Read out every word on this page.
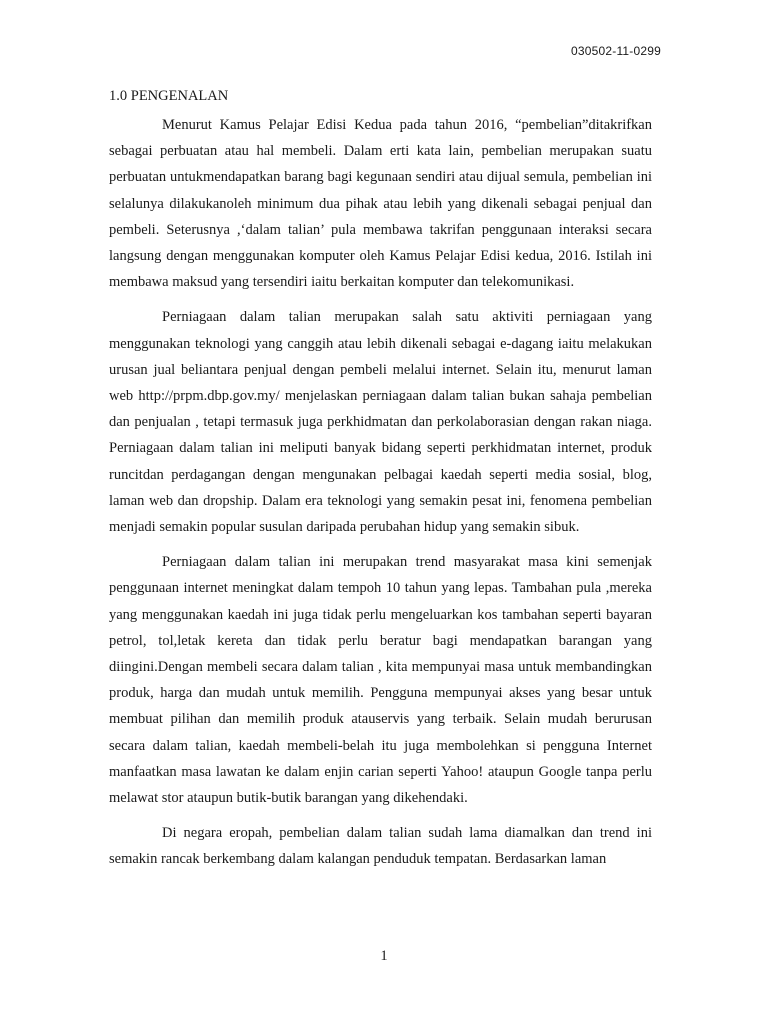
030502-11-0299
1.0 PENGENALAN

Menurut Kamus Pelajar Edisi Kedua pada tahun 2016, “pembelian”ditakrifkan sebagai perbuatan atau hal membeli. Dalam erti kata lain, pembelian merupakan suatu perbuatan untukmendapatkan barang bagi kegunaan sendiri atau dijual semula, pembelian ini selalunya dilakukanoleh minimum dua pihak atau lebih yang dikenali sebagai penjual dan pembeli. Seterusnya ,‘dalam talian’ pula membawa takrifan penggunaan interaksi secara langsung dengan menggunakan komputer oleh Kamus Pelajar Edisi kedua, 2016. Istilah ini membawa maksud yang tersendiri iaitu berkaitan komputer dan telekomunikasi.

Perniagaan dalam talian merupakan salah satu aktiviti perniagaan yang menggunakan teknologi yang canggih atau lebih dikenali sebagai e-dagang iaitu melakukan urusan jual beliantara penjual dengan pembeli melalui internet. Selain itu, menurut laman web http://prpm.dbp.gov.my/ menjelaskan perniagaan dalam talian bukan sahaja pembelian dan penjualan , tetapi termasuk juga perkhidmatan dan perkolaborasian dengan rakan niaga. Perniagaan dalam talian ini meliputi banyak bidang seperti perkhidmatan internet, produk runcitdan perdagangan dengan mengunakan pelbagai kaedah seperti media sosial, blog, laman web dan dropship. Dalam era teknologi yang semakin pesat ini, fenomena pembelian menjadi semakin popular susulan daripada perubahan hidup yang semakin sibuk.

Perniagaan dalam talian ini merupakan trend masyarakat masa kini semenjak penggunaan internet meningkat dalam tempoh 10 tahun yang lepas. Tambahan pula ,mereka yang menggunakan kaedah ini juga tidak perlu mengeluarkan kos tambahan seperti bayaran petrol, tol,letak kereta dan tidak perlu beratur bagi mendapatkan barangan yang diingini.Dengan membeli secara dalam talian , kita mempunyai masa untuk membandingkan produk, harga dan mudah untuk memilih. Pengguna mempunyai akses yang besar untuk membuat pilihan dan memilih produk atauservis yang terbaik. Selain mudah berurusan secara dalam talian, kaedah membeli-belah itu juga membolehkan si pengguna Internet manfaatkan masa lawatan ke dalam enjin carian seperti Yahoo! ataupun Google tanpa perlu melawat stor ataupun butik-butik barangan yang dikehendaki.

Di negara eropah, pembelian dalam talian sudah lama diamalkan dan trend ini semakin rancak berkembang dalam kalangan penduduk tempatan. Berdasarkan laman

1
